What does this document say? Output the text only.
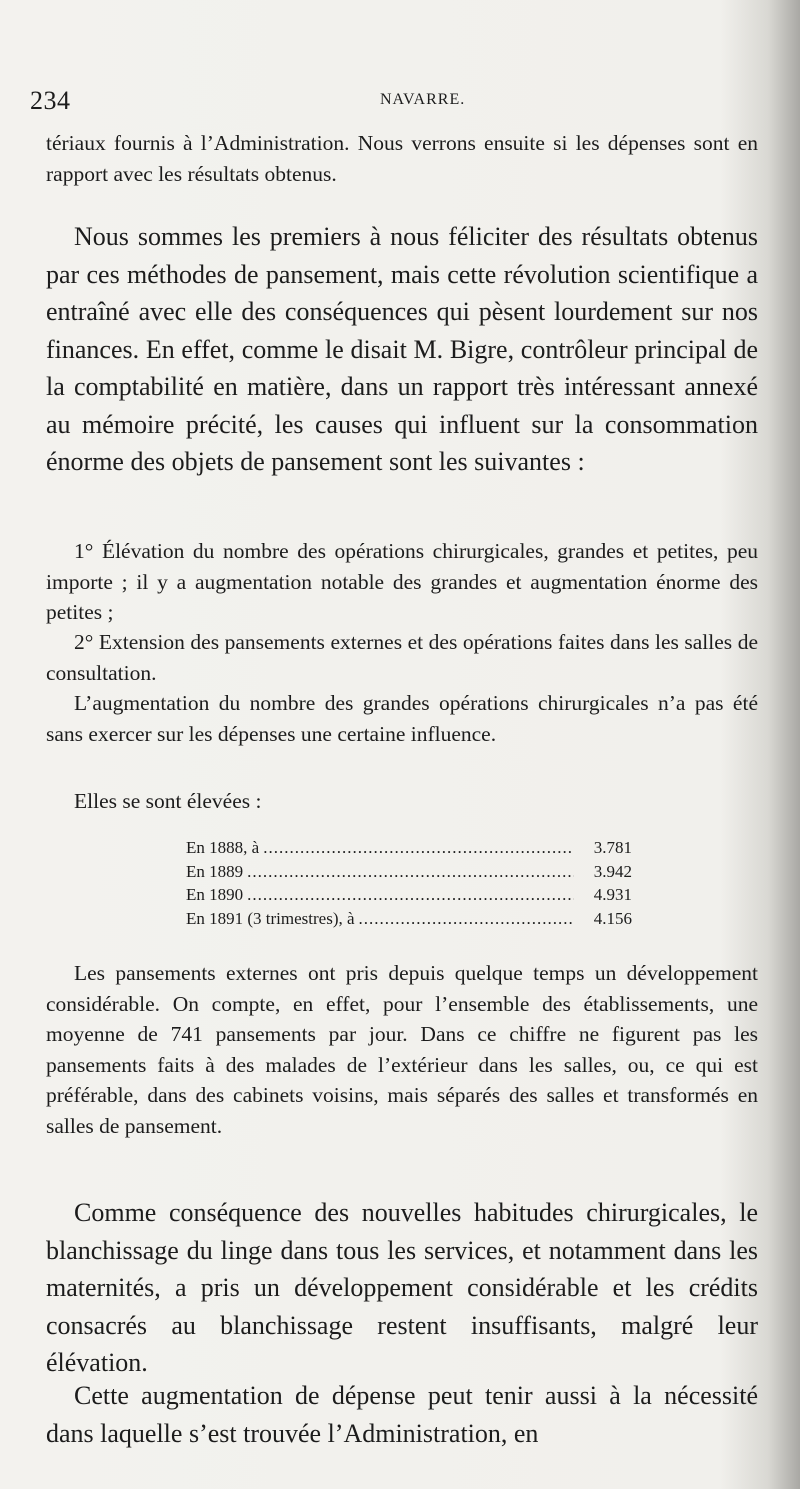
234	NAVARRE.

tériaux fournis à l’Administration. Nous verrons ensuite si les dépenses sont en rapport avec les résultats obtenus.

Nous sommes les premiers à nous féliciter des résultats obtenus par ces méthodes de pansement, mais cette révolution scientifique a entraîné avec elle des conséquences qui pèsent lourdement sur nos finances. En effet, comme le disait M. Bigre, contrôleur principal de la comptabilité en matière, dans un rapport très intéressant annexé au mémoire précité, les causes qui influent sur la consommation énorme des objets de pansement sont les suivantes :

1° Élévation du nombre des opérations chirurgicales, grandes et petites, peu importe ; il y a augmentation notable des grandes et augmentation énorme des petites ;

2° Extension des pansements externes et des opérations faites dans les salles de consultation.

L’augmentation du nombre des grandes opérations chirurgicales n’a pas été sans exercer sur les dépenses une certaine influence.

Elles se sont élevées :

En 1888, à .....	3.781
En 1889 .....	3.942
En 1890 .....	4.931
En 1891 (3 trimestres), à .....	4.156

Les pansements externes ont pris depuis quelque temps un développement considérable. On compte, en effet, pour l’ensemble des établissements, une moyenne de 741 pansements par jour. Dans ce chiffre ne figurent pas les pansements faits à des malades de l’extérieur dans les salles, ou, ce qui est préférable, dans des cabinets voisins, mais séparés des salles et transformés en salles de pansement.

Comme conséquence des nouvelles habitudes chirurgicales, le blanchissage du linge dans tous les services, et notamment dans les maternités, a pris un développement considérable et les crédits consacrés au blanchissage restent insuffisants, malgré leur élévation.

Cette augmentation de dépense peut tenir aussi à la nécessité dans laquelle s’est trouvée l’Administration, en
